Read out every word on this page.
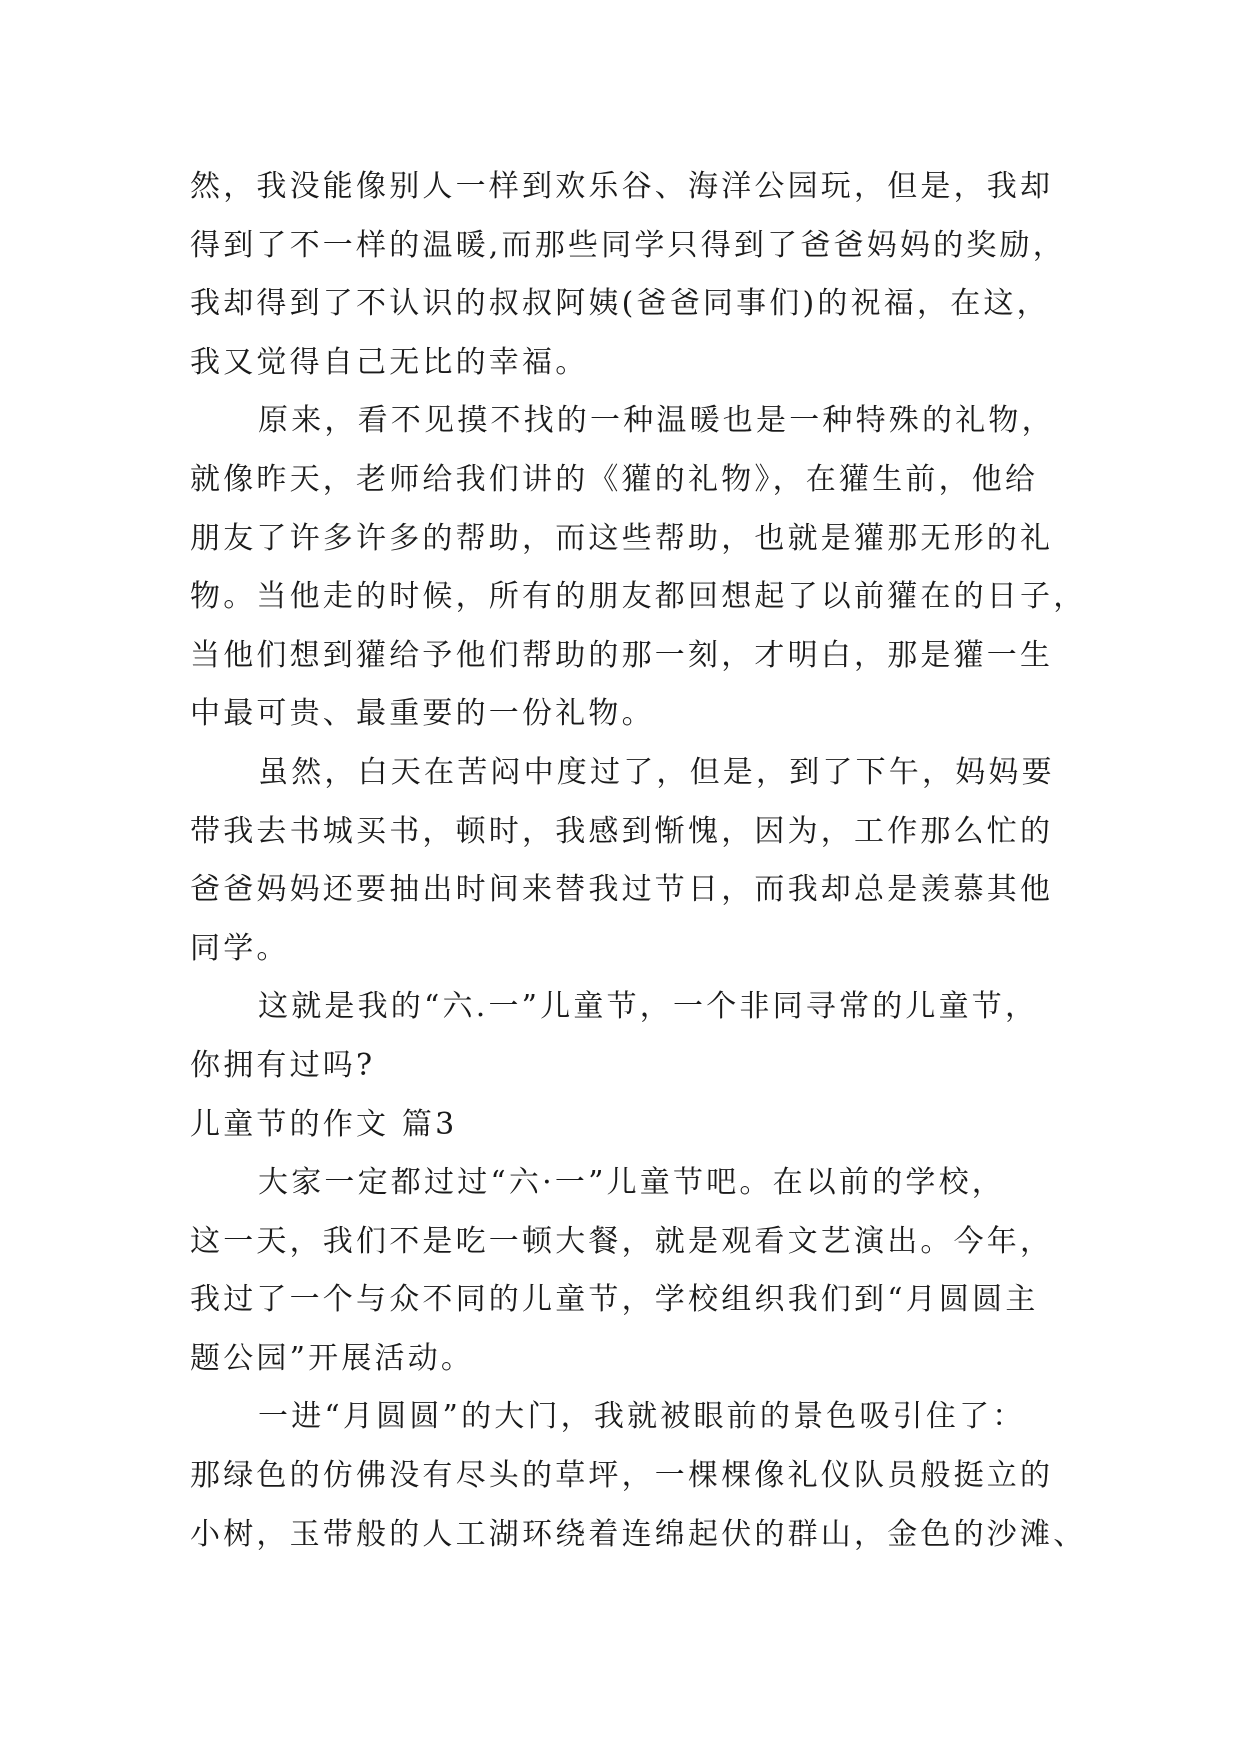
然，我没能像别人一样到欢乐谷、海洋公园玩，但是，我却
得到了不一样的温暖,而那些同学只得到了爸爸妈妈的奖励，
我却得到了不认识的叔叔阿姨(爸爸同事们)的祝福，在这，
我又觉得自己无比的幸福。
原来，看不见摸不找的一种温暖也是一种特殊的礼物，
就像昨天，老师给我们讲的《獾的礼物》，在獾生前，他给
朋友了许多许多的帮助，而这些帮助，也就是獾那无形的礼
物。当他走的时候，所有的朋友都回想起了以前獾在的日子，
当他们想到獾给予他们帮助的那一刻，才明白，那是獾一生
中最可贵、最重要的一份礼物。
虽然，白天在苦闷中度过了，但是，到了下午，妈妈要
带我去书城买书，顿时，我感到惭愧，因为，工作那么忙的
爸爸妈妈还要抽出时间来替我过节日，而我却总是羡慕其他
同学。
这就是我的“六.一”儿童节，一个非同寻常的儿童节，
你拥有过吗?
儿童节的作文 篇3
大家一定都过过“六·一”儿童节吧。在以前的学校，
这一天，我们不是吃一顿大餐，就是观看文艺演出。今年，
我过了一个与众不同的儿童节，学校组织我们到“月圆圆主
题公园”开展活动。
一进“月圆圆”的大门，我就被眼前的景色吸引住了：
那绿色的仿佛没有尽头的草坪，一棵棵像礼仪队员般挺立的
小树，玉带般的人工湖环绕着连绵起伏的群山，金色的沙滩、
